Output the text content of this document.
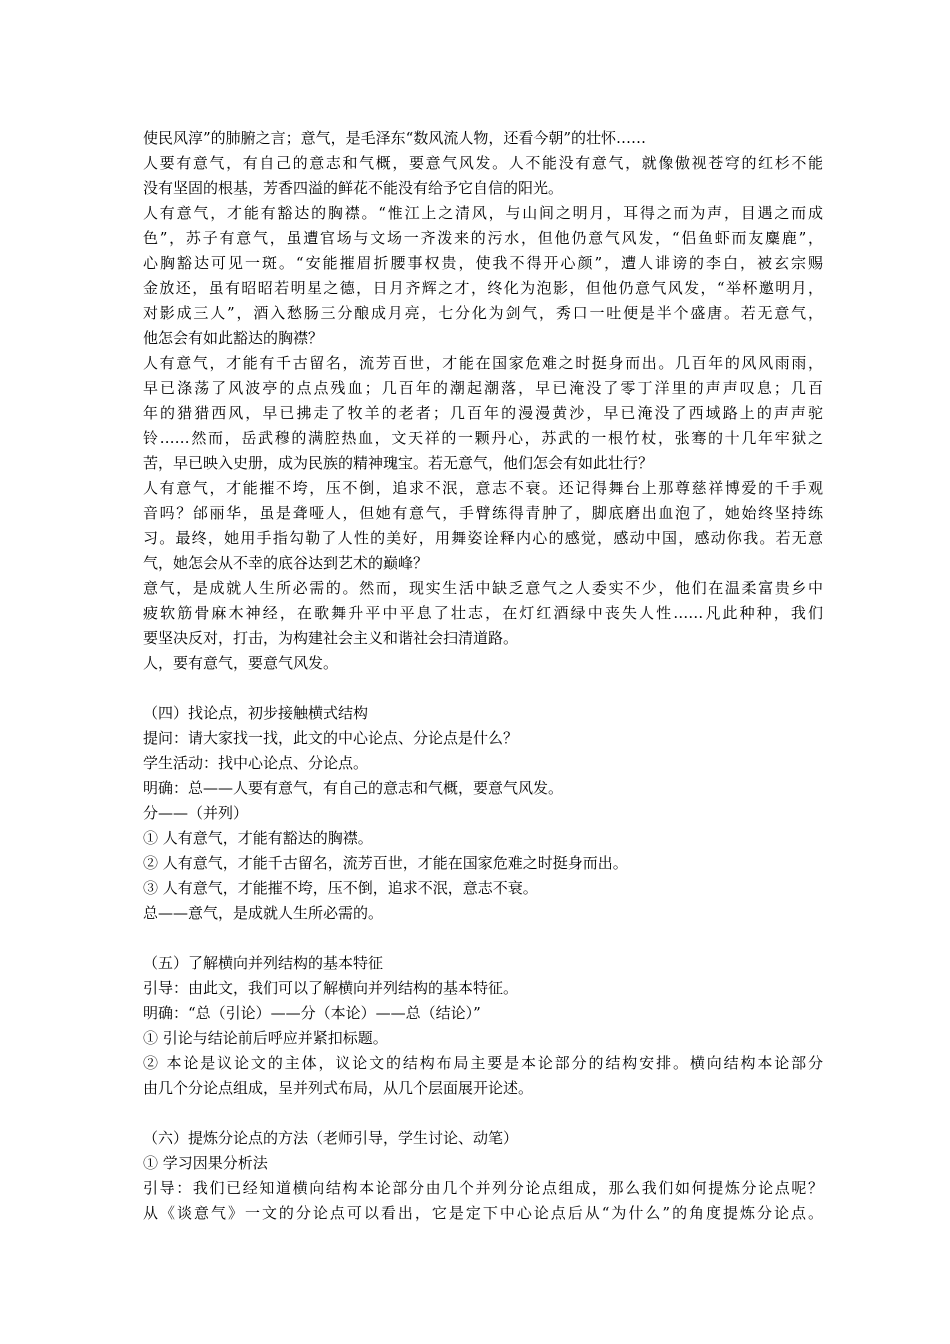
使民风淳”的肺腑之言；意气，是毛泽东“数风流人物，还看今朝”的壮怀……
人要有意气，有自己的意志和气概，要意气风发。人不能没有意气，就像傲视苍穹的红杉不能
没有坚固的根基，芳香四溢的鲜花不能没有给予它自信的阳光。
人有意气，才能有豁达的胸襟。“惟江上之清风，与山间之明月，耳得之而为声，目遇之而成
色”，苏子有意气，虽遭官场与文场一齐泼来的污水，但他仍意气风发，“侣鱼虾而友麋鹿”，
心胸豁达可见一斑。“安能摧眉折腰事权贵，使我不得开心颜”，遭人诽谤的李白，被玄宗赐
金放还，虽有昭昭若明星之德，日月齐辉之才，终化为泡影，但他仍意气风发，“举杯邀明月，
对影成三人”，酒入愁肠三分酿成月亮，七分化为剑气，秀口一吐便是半个盛唐。若无意气，
他怎会有如此豁达的胸襟？
人有意气，才能有千古留名，流芳百世，才能在国家危难之时挺身而出。几百年的风风雨雨，
早已涤荡了风波亭的点点残血；几百年的潮起潮落，早已淹没了零丁洋里的声声叹息；几百
年的猎猎西风，早已拂走了牧羊的老者；几百年的漫漫黄沙，早已淹没了西域路上的声声驼
铃……然而，岳武穆的满腔热血，文天祥的一颗丹心，苏武的一根竹杖，张骞的十几年牢狱之
苦，早已映入史册，成为民族的精神瑰宝。若无意气，他们怎会有如此壮行？
人有意气，才能摧不垮，压不倒，追求不泯，意志不衰。还记得舞台上那尊慈祥博爱的千手观
音吗？邰丽华，虽是聋哑人，但她有意气，手臂练得青肿了，脚底磨出血泡了，她始终坚持练
习。最终，她用手指勾勒了人性的美好，用舞姿诠释内心的感觉，感动中国，感动你我。若无意
气，她怎会从不幸的底谷达到艺术的巅峰？
意气，是成就人生所必需的。然而，现实生活中缺乏意气之人委实不少，他们在温柔富贵乡中
疲软筋骨麻木神经，在歌舞升平中平息了壮志，在灯红酒绿中丧失人性……凡此种种，我们
要坚决反对，打击，为构建社会主义和谐社会扫清道路。
人，要有意气，要意气风发。
（四）找论点，初步接触横式结构
提问：请大家找一找，此文的中心论点、分论点是什么？
学生活动：找中心论点、分论点。
明确：总——人要有意气，有自己的意志和气概，要意气风发。
分——（并列）
① 人有意气，才能有豁达的胸襟。
② 人有意气，才能千古留名，流芳百世，才能在国家危难之时挺身而出。
③ 人有意气，才能摧不垮，压不倒，追求不泯，意志不衰。
总——意气，是成就人生所必需的。
（五）了解横向并列结构的基本特征
引导：由此文，我们可以了解横向并列结构的基本特征。
明确：“总（引论）——分（本论）——总（结论）”
① 引论与结论前后呼应并紧扣标题。
② 本论是议论文的主体，议论文的结构布局主要是本论部分的结构安排。横向结构本论部分
由几个分论点组成，呈并列式布局，从几个层面展开论述。
（六）提炼分论点的方法（老师引导，学生讨论、动笔）
① 学习因果分析法
引导：我们已经知道横向结构本论部分由几个并列分论点组成，那么我们如何提炼分论点呢？
从《谈意气》一文的分论点可以看出，它是定下中心论点后从“为什么”的角度提炼分论点。
